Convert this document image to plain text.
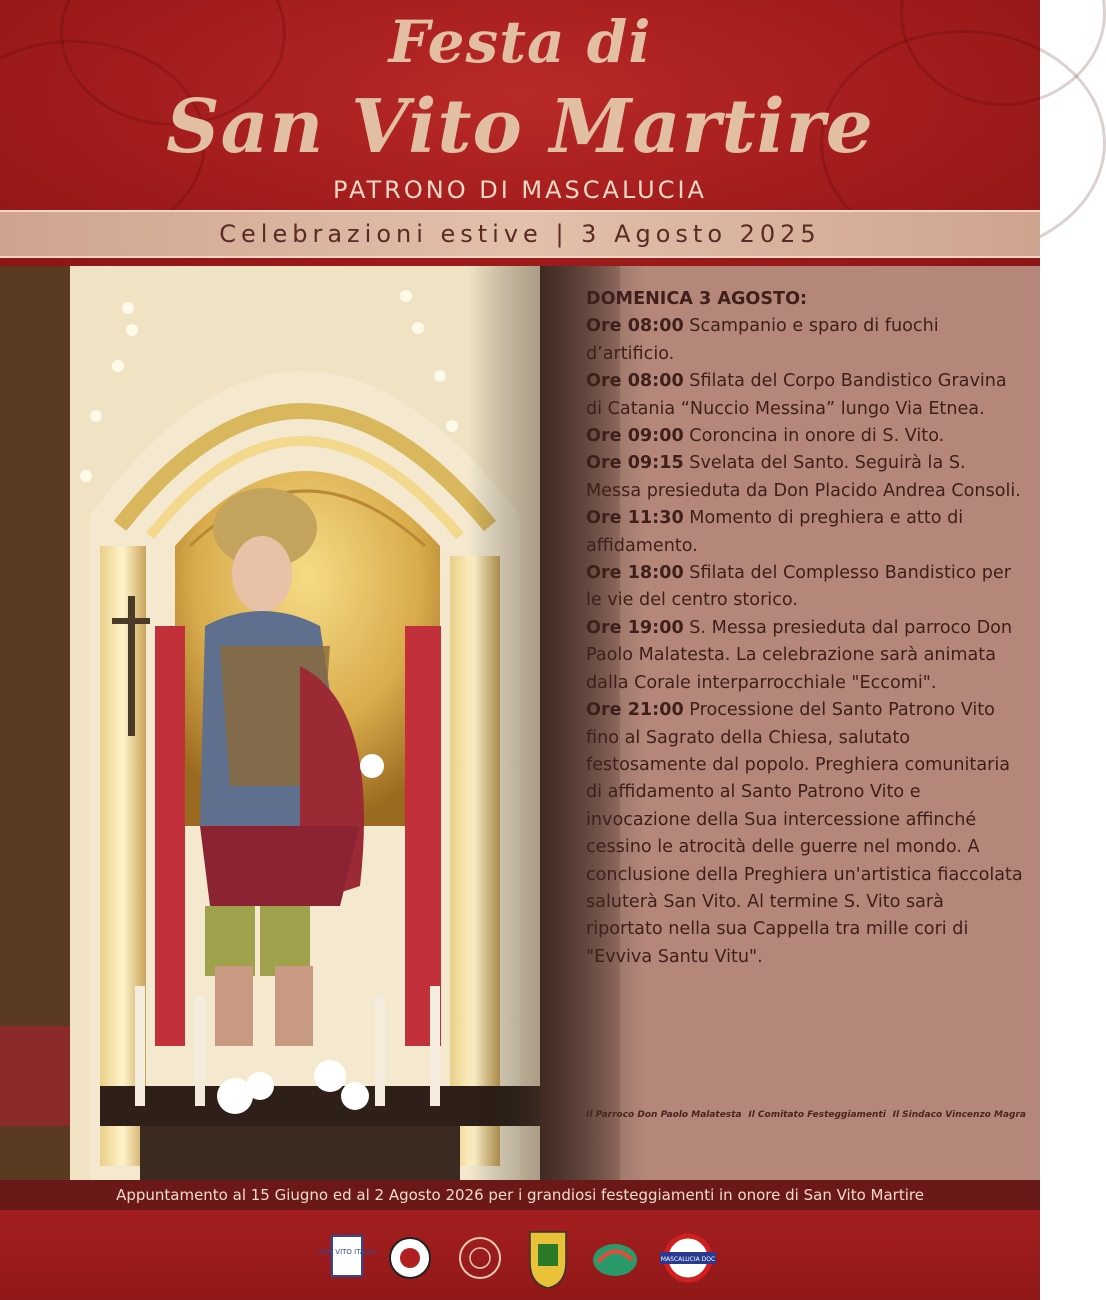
Festa di
San Vito Martire
PATRONO DI MASCALUCIA
Celebrazioni estive | 3 Agosto 2025

DOMENICA 3 AGOSTO:

Ore 08:00 Scampanio e sparo di fuochi d’artificio.

Ore 08:00 Sfilata del Corpo Bandistico Gravina di Catania “Nuccio Messina” lungo Via Etnea.

Ore 09:00 Coroncina in onore di S. Vito.

Ore 09:15 Svelata del Santo. Seguirà la S. Messa presieduta da Don Placido Andrea Consoli.

Ore 11:30 Momento di preghiera e atto di affidamento.

Ore 18:00 Sfilata del Complesso Bandistico per le vie del centro storico.

Ore 19:00 S. Messa presieduta dal parroco Don Paolo Malatesta. La celebrazione sarà animata dalla Corale interparrocchiale "Eccomi".

Ore 21:00 Processione del Santo Patrono Vito fino al Sagrato della Chiesa, salutato festosamente dal popolo. Preghiera comunitaria di affidamento al Santo Patrono Vito e invocazione della Sua intercessione affinché cessino le atrocità delle guerre nel mondo. A conclusione della Preghiera un'artistica fiaccolata saluterà San Vito. Al termine S. Vito sarà riportato nella sua Cappella tra mille cori di "Evviva Santu Vitu".

Il Parroco Don Paolo Malatesta Il Comitato Festeggiamenti Il Sindaco Vincenzo Magra
Appuntamento al 15 Giugno ed al 2 Agosto 2026 per i grandiosi festeggiamenti in onore di San Vito Martire
SAN VITO ITALIA
MASCALUCIA DOC
